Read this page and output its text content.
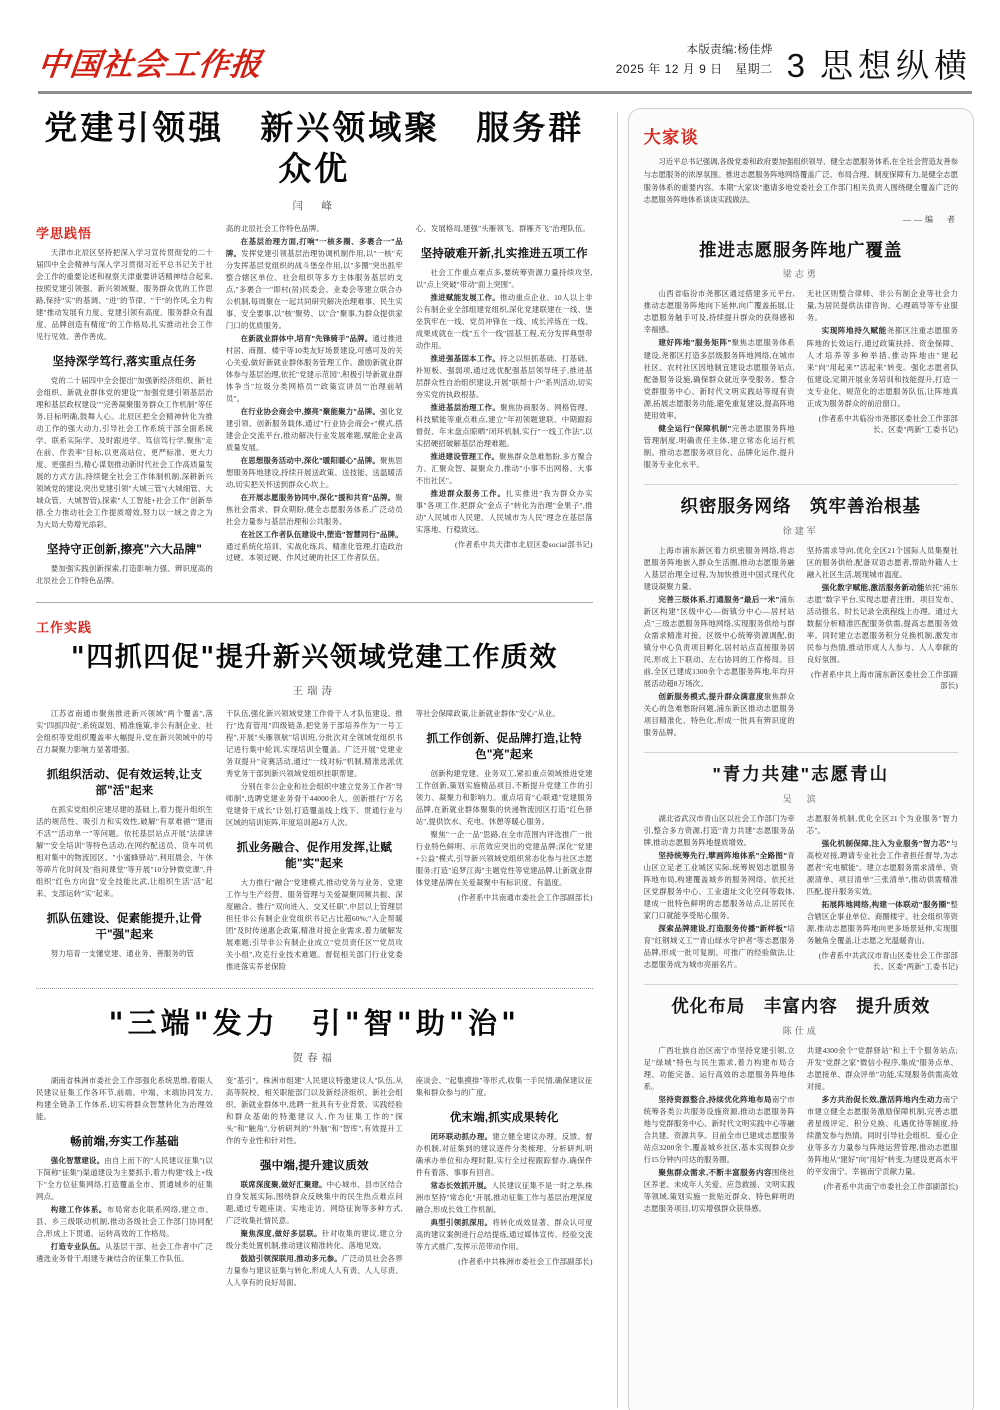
中国社会工作报	本版责编:杨佳烨
2025 年 12 月 9 日　星期二 3 思想纵横
党建引领强　新兴领域聚　服务群众优
闫　峰
学思践悟

天津市北辰区坚持把深入学习宣传贯彻党的二十届四中全会精神与深入学习贯彻习近平总书记关于社会工作的重要论述和视察天津重要讲话精神结合起来,按照党建引领强、新兴领域聚、服务群众优的工作思路,保持"实"的基调、"进"的节律、"干"的作风,全力构建"推动发展有力度、党建引领有高度、服务群众有温度、品牌创造有精度"的工作格局,扎实推动社会工作见行见效、善作善成。

坚持深学笃行,落实重点任务

党的二十届四中全会提出"加强新经济组织、新社会组织、新就业群体党的建设""加强党建引领基层治理和基层政权建设""完善凝聚服务群众工作机制"等任务,目标明确,鼓舞人心。北辰区把全会精神转化为推动工作的强大动力,引导社会工作系统干部全面系统学、联系实际学、及时跟进学、笃信笃行学,聚焦"走在前、作表率"目标,以更高站位、更严标准、更大力度、更强担当,精心谋划推动新时代社会工作高质量发展的方式方法,持续健全社会工作体制机制,深耕新兴领域党的建设,突出党建引领"大城三管"(大城细管、大城众管、大城智管),探索"人工智能+社会工作"创新举措,全力推动社会工作提质增效,努力以一域之青之为为大局大势增光添彩。

坚持守正创新,擦亮"六大品牌"

要加强实践创新探索,打造影响力强、辨识度高的北辰社会工作特色品牌。

高的北辰社会工作特色品牌。

在基层治理方面,打响"一核多圈、多裹合一"品牌。发挥党建引领基层治理协调机制作用,以"一核"充分发挥基层党组织的战斗堡垒作用,以"多圈"突出抓牢整合辖区单位、社会组织等多方主体服务基层的支点,"多裹合一"即村(居)民委会、业委会等建立联合办公机制,每周聚在一起共同研究解决治理难事、民生实事、安全要事,以"核"聚势、以"合"聚事,为群众提供家门口的优质服务。

在新就业群体中,培育"先锋骑手"品牌。通过推进村居、商圈、楼宇等10类友好场景建设,可感可及的关心关爱,做好新就业群体服务管理工作。激励新就业群体参与基层治理,依托"党建示范园",积极引导新就业群体争当"垃圾分类网格员""政策宣讲员""治理前哨员"。

在行业协会商会中,擦亮"聚能聚力"品牌。强化党建引领、创新服务载体,通过"行业协会商会+"模式,搭建会企交流平台,推动解决行业发展难题,赋能企业高质量发展。

在思想服务活动中,深化"暖阳暖心"品牌。聚焦思想服务阵地建设,持续开展送政策、送技能、送温暖活动,切实把关怀送到群众心坎上。

在开展志愿服务协同中,深化"援和共育"品牌。聚焦社会需求、群众期盼,健全志愿服务体系,广泛动员社会力量参与基层治理和公共服务。

在社区工作者队伍建设中,塑造"智慧同行"品牌。通过系统化培训、实战化练兵、精准化管理,打造政治过硬、本领过硬、作风过硬的社区工作者队伍。

心、发展格局,建强"头雁领飞、群雁齐飞"治理队伍。

坚持破难开新,扎实推进五项工作

社会工作重点难点多,要统筹资源力量持续攻坚,以"点上突破"带动"面上突围"。

推进赋能发展工作。推动重点企业、10人以上非公有制企业全部组建党组织,深化党建联建在一线、堡垒筑牢在一线、党员冲锋在一线、成长淬炼在一线、成果成就在一线"五个一线"固基工程,充分发挥典型带动作用。

推进强基固本工作。持之以恒抓基础、打基础、补短板、强弱项,通过选优配强基层领导班子,推进基层群众性自治组织建设,开展"联帮十户"系列活动,切实夯实党的执政根基。

推进基层治理工作。聚焦协商服务、网格管理、科技赋能等重点难点,建立"年初领题建联、中期跟踪督促、年末盘点晾晒"闭环机制,实行"一线工作法",以实招硬招破解基层治理难题。

推进建设管理工作。聚焦群众急难愁盼,多方聚合力、汇聚众智、凝聚众力,推动"小事不出网格、大事不出社区"。

推进群众服务工作。扎实推进"我为群众办实事"各项工作,把群众"金点子"转化为治理"金果子",推动"人民城市人民建、人民城市为人民"理念在基层落实落地、行稳致远。

(作者系中共天津市北辰区委social部书记)
工作实践
"四抓四促"提升新兴领域党建工作质效
王瑞涛

江苏省南通市聚焦推进新兴领域"两个覆盖",落实"四抓四促",系统谋划、精准施策,非公有制企业、社会组织等党组织覆盖率大幅提升,党在新兴领域中的号召力凝聚力影响力显著增强。

抓组织活动、促有效运转,让支部"活"起来

在抓实党组织应建尽建的基础上,着力提升组织生活的规范性、吸引力和实效性,破解"有章难循""建而不活""活动单一"等问题。依托基层站点开展"法律讲解""安全培训"等特色活动,在网约配送员、货车司机相对集中的物流园区、"小蜜蜂驿站",利用晨会、午休等碎片化时间及"指间课堂"等开展"10分钟微党课",并组织"红色方向盘"安全技能比武,让组织生活"活"起来、支部运转"实"起来。

抓队伍建设、促素能提升,让骨干"强"起来

努力培育一支懂党建、通业务、善服务的管

干队伍,强化新兴领域党建工作骨干人才队伍建设。推行"选育管用"四级链条,把党务干部培养作为"一号工程",开展"头雁领航"培训班,分批次对全领域党组织书记进行集中轮训,实现培训全覆盖。广泛开展"党建业务双提升"竞赛活动,通过"一线对标"机制,精准选派优秀党务干部到新兴领域党组织挂职帮建。

分别在非公企业和社会组织中建立党务工作者"导师制",选聘党建业务骨干44000余人。创新推行"万名党建骨干成长"计划,打造覆盖线上线下、贯通行业与区域的培训矩阵,年度培训超4万人次。

抓业务融合、促作用发挥,让赋能"实"起来

大力推行"融合"党建模式,推动党务与业务、党建工作与生产经营、服务管理与关爱凝聚同频共振、深度融合。推行"双向进入、交叉任职",中层以上管理层担任非公有制企业党组织书记占比超60%;"入企帮暖团"及时传递惠企政策,精准对接企业需求,着力破解发展难题;引导非公有制企业成立"党员责任区""党员攻关小组",攻克行业技术难题。督促相关部门行业党委推进落实养老保险

等社会保障政策,让新就业群体"安心"从业。

抓工作创新、促品牌打造,让特色"亮"起来

创新构建党建、业务双工,紧扣重点领域推进党建工作创新,策划实施精品项目,不断提升党建工作的引领力、凝聚力和影响力。重点培育"心联通"党建服务品牌,在新就业群体聚集的快递物流园区打造"红色驿站",提供饮水、充电、休憩等暖心服务。

聚焦"一企一品"思路,在全市范围内评选推广一批行业特色鲜明、示范效应突出的党建品牌;深化"党建+公益"模式,引导新兴领域党组织常态化参与社区志愿服务;打造"追梦江海"主题党性等党建品牌,让新就业群体党建品牌在关爱凝聚中有标识度、有温度。

(作者系中共南通市委社会工作部副部长)
"三端"发力　引"智"助"治"
贺春福

湖南省株洲市委社会工作部强化系统思维,着眼人民建议征集工作各环节,前端、中端、末端协同发力,构建全链条工作体系,切实将群众智慧转化为治理效能。

畅前端,夯实工作基础

强化智慧建设。由自上而下的"人民建议征集"(以下简称"征集")渠道建设为主要抓手,着力构建"线上+线下"全方位征集网络,打造覆盖全市、贯通城乡的征集网点。

构建工作体系。布局常态化联系网络,建立市、县、乡三级联动机制,推动各级社会工作部门协同配合,形成上下贯通、运转高效的工作格局。

打造专业队伍。从基层干部、社会工作者中广泛遴选业务骨干,组建专兼结合的征集工作队伍。

变"基引"。株洲市组建"人民建议特邀建议人"队伍,从高等院校、相关职能部门以及新经济组织、新社会组织、新就业群体中,选聘一批具有专业背景、实践经验和群众基础的特邀建议人,作为征集工作的"探头"和"触角",分析研判的"外脑"和"智库",有效提升工作的专业性和针对性。

强中端,提升建议质效

联席深度聚,做好汇聚建。中心城市、县市区结合自身发展实际,围绕群众反映集中的民生热点难点问题,通过专题座谈、实地走访、网络征询等多种方式,广泛收集社情民意。

聚焦深度,做好多层联。针对收集的建议,建立分级分类处置机制,推动建议精准转化、落地见效。

鼓励引领深联用,推动多元参。广泛动员社会各界力量参与建议征集与转化,形成人人有责、人人尽责、人人享有的良好局面。

座谈会、"起集摸排"等形式,收集一手民情,确保建议征集和群众参与的广度。

优末端,抓实成果转化

闭环联动抓办理。建立健全建议办理、反馈、督办机制,对征集到的建议逐件分类梳理、分析研判,明确承办单位和办理时限,实行全过程跟踪督办,确保件件有着落、事事有回音。

常态长效抓开展。人民建议征集不是一时之举,株洲市坚持"常态化"开展,推动征集工作与基层治理深度融合,形成长效工作机制。

典型引领抓深用。将转化成效显著、群众认可度高的建议案例进行总结提炼,通过媒体宣传、经验交流等方式推广,发挥示范带动作用。

(作者系中共株洲市委社会工作部副部长)
大家谈

习近平总书记强调,各级党委和政府要加强组织领导、健全志愿服务体系,在全社会营造友善参与志愿服务的浓厚氛围。推进志愿服务阵地网络覆盖广泛、布局合理、制度保障有力,是健全志愿服务体系的重要内容。本期"大家谈"邀请多地党委社会工作部门相关负责人围绕健全覆盖广泛的志愿服务阵地体系谈谈实践做法。

——编　者
推进志愿服务阵地广覆盖
梁志勇

山西省临汾市尧都区通过搭建多元平台,推动志愿服务阵地向下延伸,向广覆盖拓展,让志愿服务触手可及,持续提升群众的获得感和幸福感。

建好阵地"服务矩阵"聚焦志愿服务体系建设,尧都区打造多层级服务阵地网络,在城市社区、农村社区因地制宜建设志愿服务站点,配备服务设施,确保群众就近享受服务。整合党群服务中心、新时代文明实践站等现有资源,拓展志愿服务功能,避免重复建设,提高阵地使用效率。

健全运行"保障机制"完善志愿服务阵地管理制度,明确责任主体,建立常态化运行机制。推动志愿服务项目化、品牌化运作,提升服务专业化水平。

无社区则整合律师、非公有制企业等社会力量,为居民提供法律咨询、心理疏导等专业服务。

实现阵地持久赋能尧都区注重志愿服务阵地的长效运行,通过政策扶持、资金保障、人才培养等多种举措,推动阵地由"建起来"向"用起来""活起来"转变。强化志愿者队伍建设,定期开展业务培训和技能提升,打造一支专业化、规范化的志愿服务队伍,让阵地真正成为服务群众的前沿窗口。

(作者系中共临汾市尧都区委社会工作部部长、区委"两新"工委书记)
织密服务网络　筑牢善治根基
徐建军

上海市浦东新区着力织密服务网络,将志愿服务阵地嵌入群众生活圈,推动志愿服务融入基层治理全过程,为加快推进中国式现代化建设凝聚力量。

完善三级体系,打通服务"最后一米"浦东新区构建"区级中心—街镇分中心—居村站点"三级志愿服务阵地网络,实现服务供给与群众需求精准对接。区级中心统筹资源调配,街镇分中心负责项目孵化,居村站点直接服务居民,形成上下联动、左右协同的工作格局。目前,全区已建成1300余个志愿服务阵地,年均开展活动超8万场次。

创新服务模式,提升群众满意度聚焦群众关心的急难愁盼问题,浦东新区推动志愿服务项目精准化、特色化,形成一批具有辨识度的服务品牌。

坚持需求导向,优化全区21个国际人员集聚社区的服务供给,配备双语志愿者,帮助外籍人士融入社区生活,展现城市温度。

强化数字赋能,激活服务新动能依托"浦东志愿"数字平台,实现志愿者注册、项目发布、活动报名、时长记录全流程线上办理。通过大数据分析精准匹配服务供需,提高志愿服务效率。同时建立志愿服务积分兑换机制,激发市民参与热情,推动形成人人参与、人人奉献的良好氛围。

(作者系中共上海市浦东新区委社会工作部副部长)
"青力共建"志愿青山
吴　滨

湖北省武汉市青山区以社会工作部门为牵引,整合多方资源,打造"青力共建"志愿服务品牌,推动志愿服务阵地提质增效。

坚持统筹先行,擘画阵地体系"全路图"青山区立足老工业城区实际,统筹规划志愿服务阵地布局,构建覆盖城乡的服务网络。依托社区党群服务中心、工业遗址文化空间等载体,建成一批特色鲜明的志愿服务站点,让居民在家门口就能享受贴心服务。

探索品牌建设,打造服务传播"新样板"培育"红钢城义工""青山绿水守护者"等志愿服务品牌,形成一批可复制、可推广的经验做法,让志愿服务成为城市亮丽名片。

志愿服务机制,优化全区21个为业服务"智力芯"。

强化机制保障,注入为业服务"智力芯"与高校对接,聘请专业社会工作者担任督导,为志愿者"充电赋能"。建立志愿服务需求清单、资源清单、项目清单"三张清单",推动供需精准匹配,提升服务实效。

拓展阵地网络,构建一体联动"服务圈"整合辖区企事业单位、商圈楼宇、社会组织等资源,推动志愿服务阵地向更多场景延伸,实现服务触角全覆盖,让志愿之光温暖青山。

(作者系中共武汉市青山区委社会工作部部长、区委"两新"工委书记)
优化布局　丰富内容　提升质效
陈仕成

广西壮族自治区南宁市坚持党建引领,立足"绿城"特色与民生需求,着力构建布局合理、功能完备、运行高效的志愿服务阵地体系。

坚持资源整合,持续优化阵地布局南宁市统筹各类公共服务设施资源,推动志愿服务阵地与党群服务中心、新时代文明实践中心等融合共建、资源共享。目前全市已建成志愿服务站点3200余个,覆盖城乡社区,基本实现群众步行15分钟内可达的服务圈。

聚焦群众需求,不断丰富服务内容围绕社区养老、未成年人关爱、应急救援、文明实践等领域,策划实施一批贴近群众、特色鲜明的志愿服务项目,切实增强群众获得感。

共建4300余个"党群驿站"和上千个服务站点;开发"党群之家"微信小程序,集成"服务点单、志愿接单、群众评单"功能,实现服务供需高效对接。

多方共治促长效,激活阵地内生动力南宁市建立健全志愿服务激励保障机制,完善志愿者星级评定、积分兑换、礼遇优待等制度,持续激发参与热情。同时引导社会组织、爱心企业等多方力量参与阵地运营管理,推动志愿服务阵地从"建好"向"用好"转变,为建设更高水平的平安南宁、幸福南宁贡献力量。

(作者系中共南宁市委社会工作部副部长)
